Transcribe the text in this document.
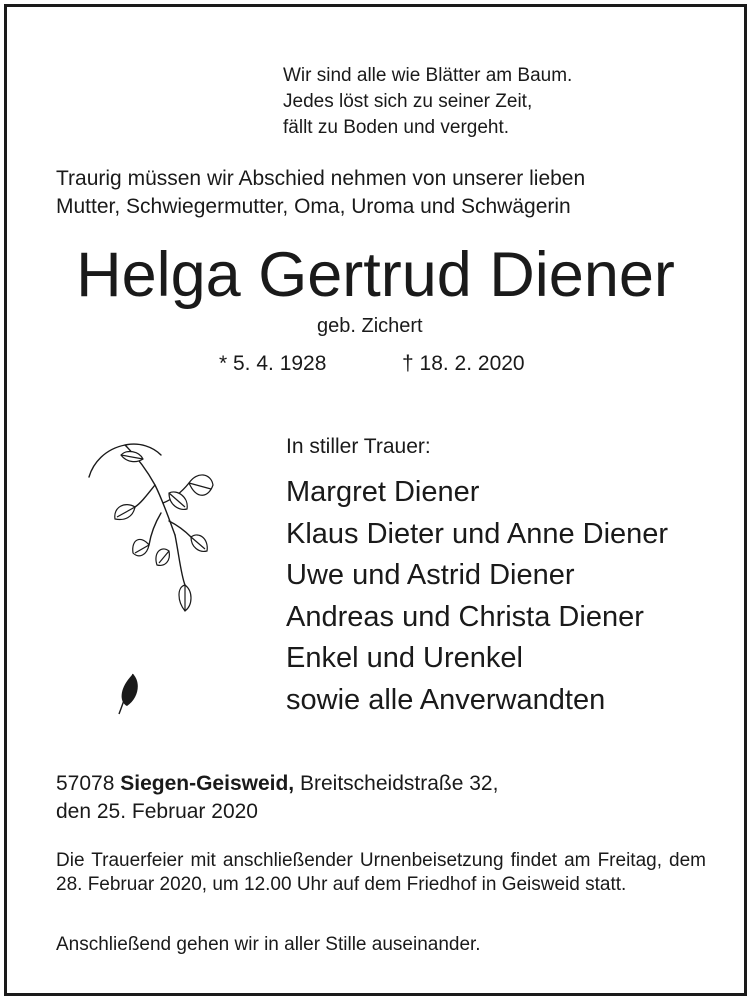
Wir sind alle wie Blätter am Baum.
Jedes löst sich zu seiner Zeit,
fällt zu Boden und vergeht.
Traurig müssen wir Abschied nehmen von unserer lieben
Mutter, Schwiegermutter, Oma, Uroma und Schwägerin
Helga Gertrud Diener
geb. Zichert
* 5. 4. 1928	† 18. 2. 2020
In stiller Trauer:
Margret Diener
Klaus Dieter und Anne Diener
Uwe und Astrid Diener
Andreas und Christa Diener
Enkel und Urenkel
sowie alle Anverwandten
57078 Siegen-Geisweid, Breitscheidstraße 32,
den 25. Februar 2020
Die Trauerfeier mit anschließender Urnenbeisetzung findet am Freitag, dem 28. Februar 2020, um 12.00 Uhr auf dem Friedhof in Geisweid statt.
Anschließend gehen wir in aller Stille auseinander.
